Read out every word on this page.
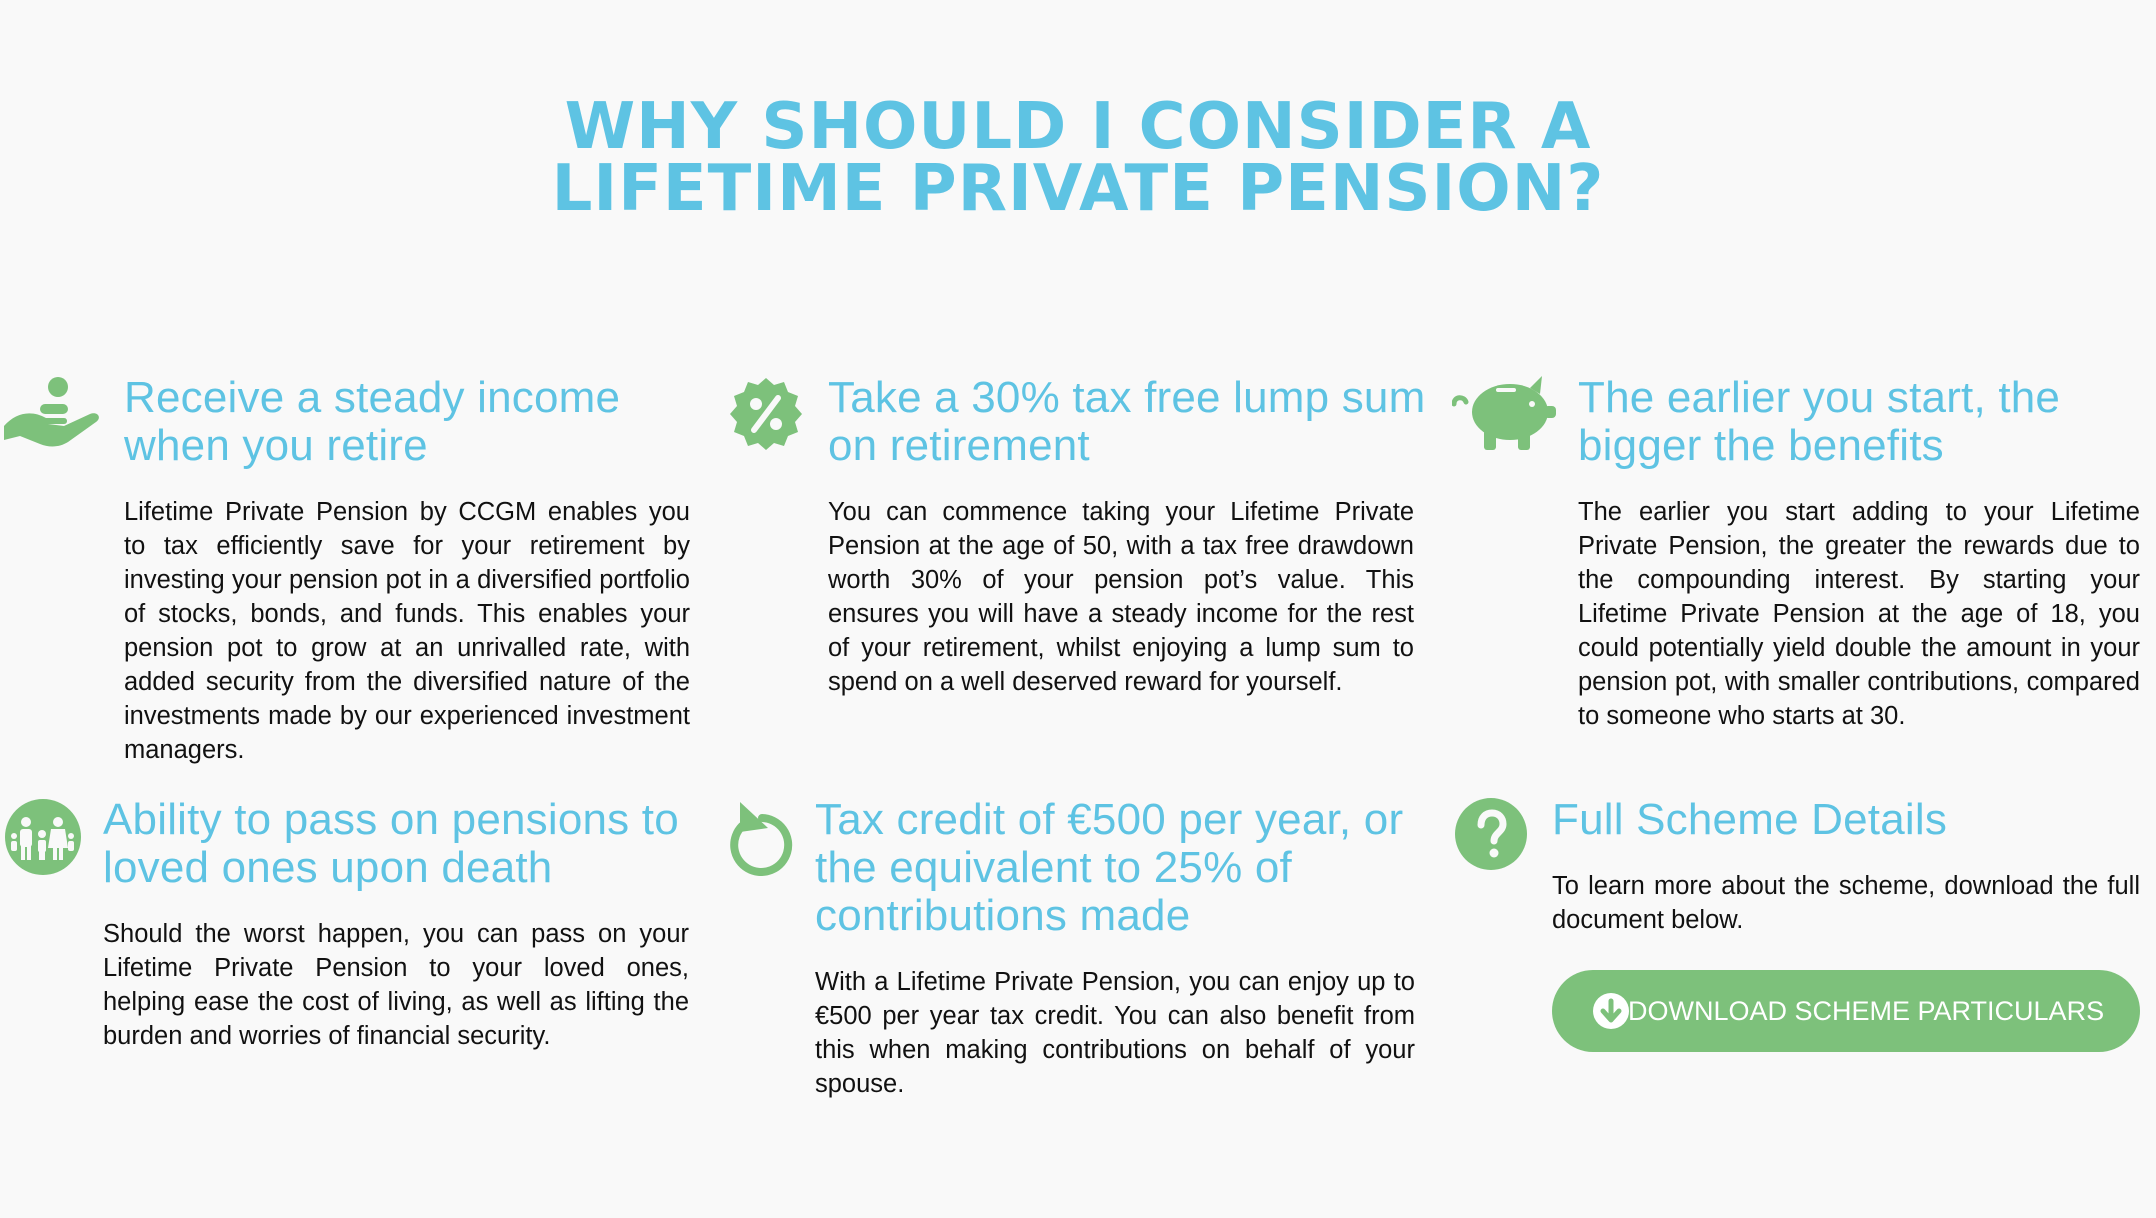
WHY SHOULD I CONSIDER A
LIFETIME PRIVATE PENSION?
Receive a steady income when you retire

Lifetime Private Pension by CCGM enables you to tax efficiently save for your retirement by investing your pension pot in a diversified portfolio of stocks, bonds, and funds. This enables your pension pot to grow at an unrivalled rate, with added security from the diversified nature of the investments made by our experienced investment managers.

Take a 30% tax free lump sum on retirement

You can commence taking your Lifetime Private Pension at the age of 50, with a tax free drawdown worth 30% of your pension pot’s value. This ensures you will have a steady income for the rest of your retirement, whilst enjoying a lump sum to spend on a well deserved reward for yourself.

The earlier you start, the bigger the benefits

The earlier you start adding to your Lifetime Private Pension, the greater the rewards due to the compounding interest. By starting your Lifetime Private Pension at the age of 18, you could potentially yield double the amount in your pension pot, with smaller contributions, compared to someone who starts at 30.

Ability to pass on pensions to loved ones upon death

Should the worst happen, you can pass on your Lifetime Private Pension to your loved ones, helping ease the cost of living, as well as lifting the burden and worries of financial security.

Tax credit of €500 per year, or the equivalent to 25% of contributions made

With a Lifetime Private Pension, you can enjoy up to €500 per year tax credit. You can also benefit from this when making contributions on behalf of your spouse.

Full Scheme Details

To learn more about the scheme, download the full document below.

DOWNLOAD SCHEME PARTICULARS
